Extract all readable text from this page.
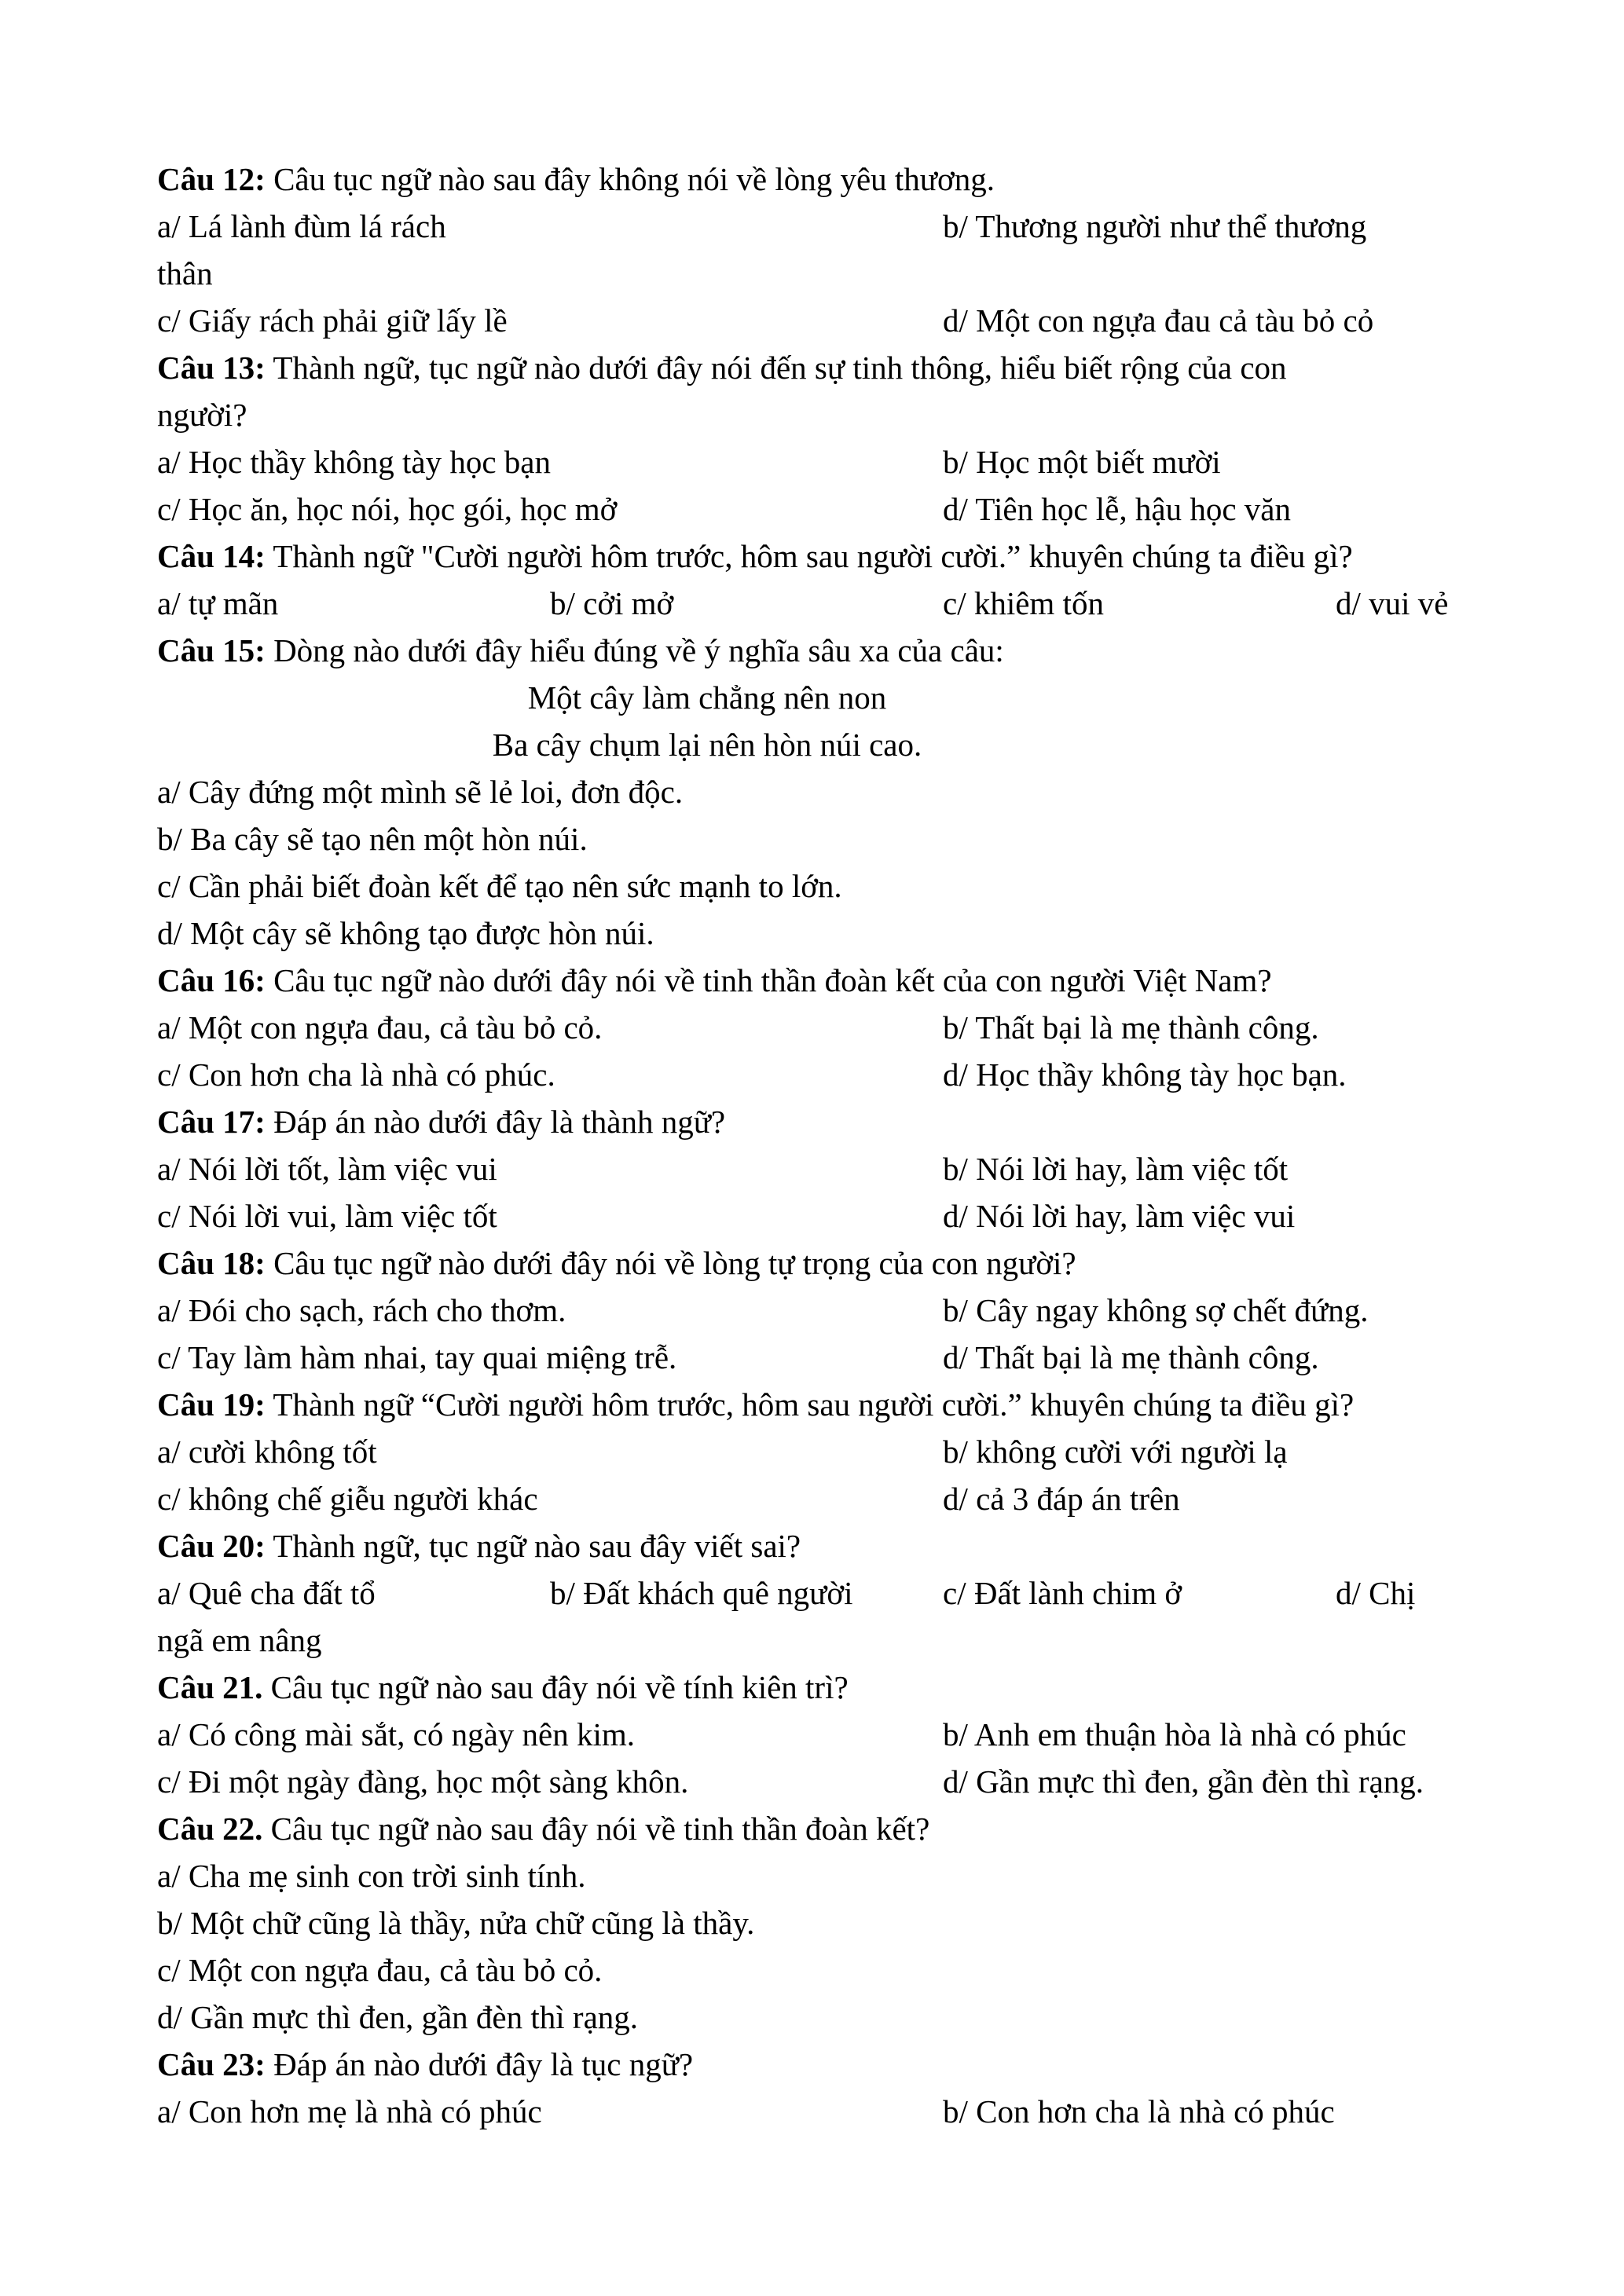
Câu 12: Câu tục ngữ nào sau đây không nói về lòng yêu thương.
a/ Lá lành đùm lá rách	b/ Thương người như thể thương
thân
c/ Giấy rách phải giữ lấy lề	d/ Một con ngựa đau cả tàu bỏ cỏ
Câu 13: Thành ngữ, tục ngữ nào dưới đây nói đến sự tinh thông, hiểu biết rộng của con
người?
a/ Học thầy không tày học bạn	b/ Học một biết mười
c/ Học ăn, học nói, học gói, học mở	d/ Tiên học lễ, hậu học văn
Câu 14: Thành ngữ "Cười người hôm trước, hôm sau người cười.” khuyên chúng ta điều gì?
a/ tự mãn	b/ cởi mở	c/ khiêm tốn	d/ vui vẻ
Câu 15: Dòng nào dưới đây hiểu đúng về ý nghĩa sâu xa của câu:
Một cây làm chẳng nên non
Ba cây chụm lại nên hòn núi cao.
a/ Cây đứng một mình sẽ lẻ loi, đơn độc.
b/ Ba cây sẽ tạo nên một hòn núi.
c/ Cần phải biết đoàn kết để tạo nên sức mạnh to lớn.
d/ Một cây sẽ không tạo được hòn núi.
Câu 16: Câu tục ngữ nào dưới đây nói về tinh thần đoàn kết của con người Việt Nam?
a/ Một con ngựa đau, cả tàu bỏ cỏ.	b/ Thất bại là mẹ thành công.
c/ Con hơn cha là nhà có phúc.	d/ Học thầy không tày học bạn.
Câu 17: Đáp án nào dưới đây là thành ngữ?
a/ Nói lời tốt, làm việc vui	b/ Nói lời hay, làm việc tốt
c/ Nói lời vui, làm việc tốt	d/ Nói lời hay, làm việc vui
Câu 18: Câu tục ngữ nào dưới đây nói về lòng tự trọng của con người?
a/ Đói cho sạch, rách cho thơm.	b/ Cây ngay không sợ chết đứng.
c/ Tay làm hàm nhai, tay quai miệng trễ.	d/ Thất bại là mẹ thành công.
Câu 19: Thành ngữ “Cười người hôm trước, hôm sau người cười.” khuyên chúng ta điều gì?
a/ cười không tốt	b/ không cười với người lạ
c/ không chế giễu người khác	d/ cả 3 đáp án trên
Câu 20: Thành ngữ, tục ngữ nào sau đây viết sai?
a/ Quê cha đất tổ	b/ Đất khách quê người	c/ Đất lành chim ở	d/ Chị
ngã em nâng
Câu 21. Câu tục ngữ nào sau đây nói về tính kiên trì?
a/ Có công mài sắt, có ngày nên kim.	b/ Anh em thuận hòa là nhà có phúc
c/ Đi một ngày đàng, học một sàng khôn.	d/ Gần mực thì đen, gần đèn thì rạng.
Câu 22. Câu tục ngữ nào sau đây nói về tinh thần đoàn kết?
a/ Cha mẹ sinh con trời sinh tính.
b/ Một chữ cũng là thầy, nửa chữ cũng là thầy.
c/ Một con ngựa đau, cả tàu bỏ cỏ.
d/ Gần mực thì đen, gần đèn thì rạng.
Câu 23: Đáp án nào dưới đây là tục ngữ?
a/ Con hơn mẹ là nhà có phúc	b/ Con hơn cha là nhà có phúc
